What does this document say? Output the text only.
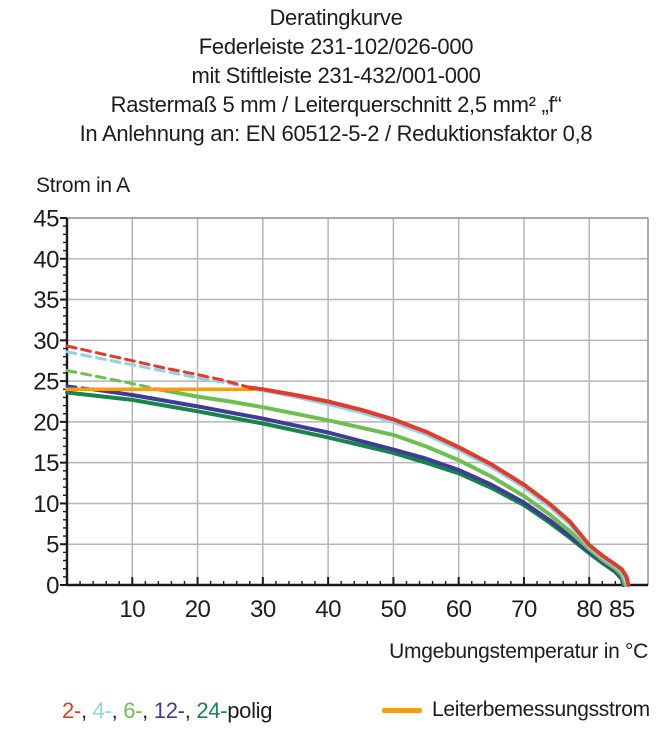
Deratingkurve
Federleiste 231-102/026-000
mit Stiftleiste 231-432/001-000
Rastermaß 5 mm / Leiterquerschnitt 2,5 mm² „f“
In Anlehnung an: EN 60512-5-2 / Reduktionsfaktor 0,8
Strom in A
10 20 30 40 50 60 70 80 85
0
5
10
15
20
25
30
35
40
45
Umgebungstemperatur in °C
2-, 4-, 6-, 12-, 24-polig	Leiterbemessungsstrom
